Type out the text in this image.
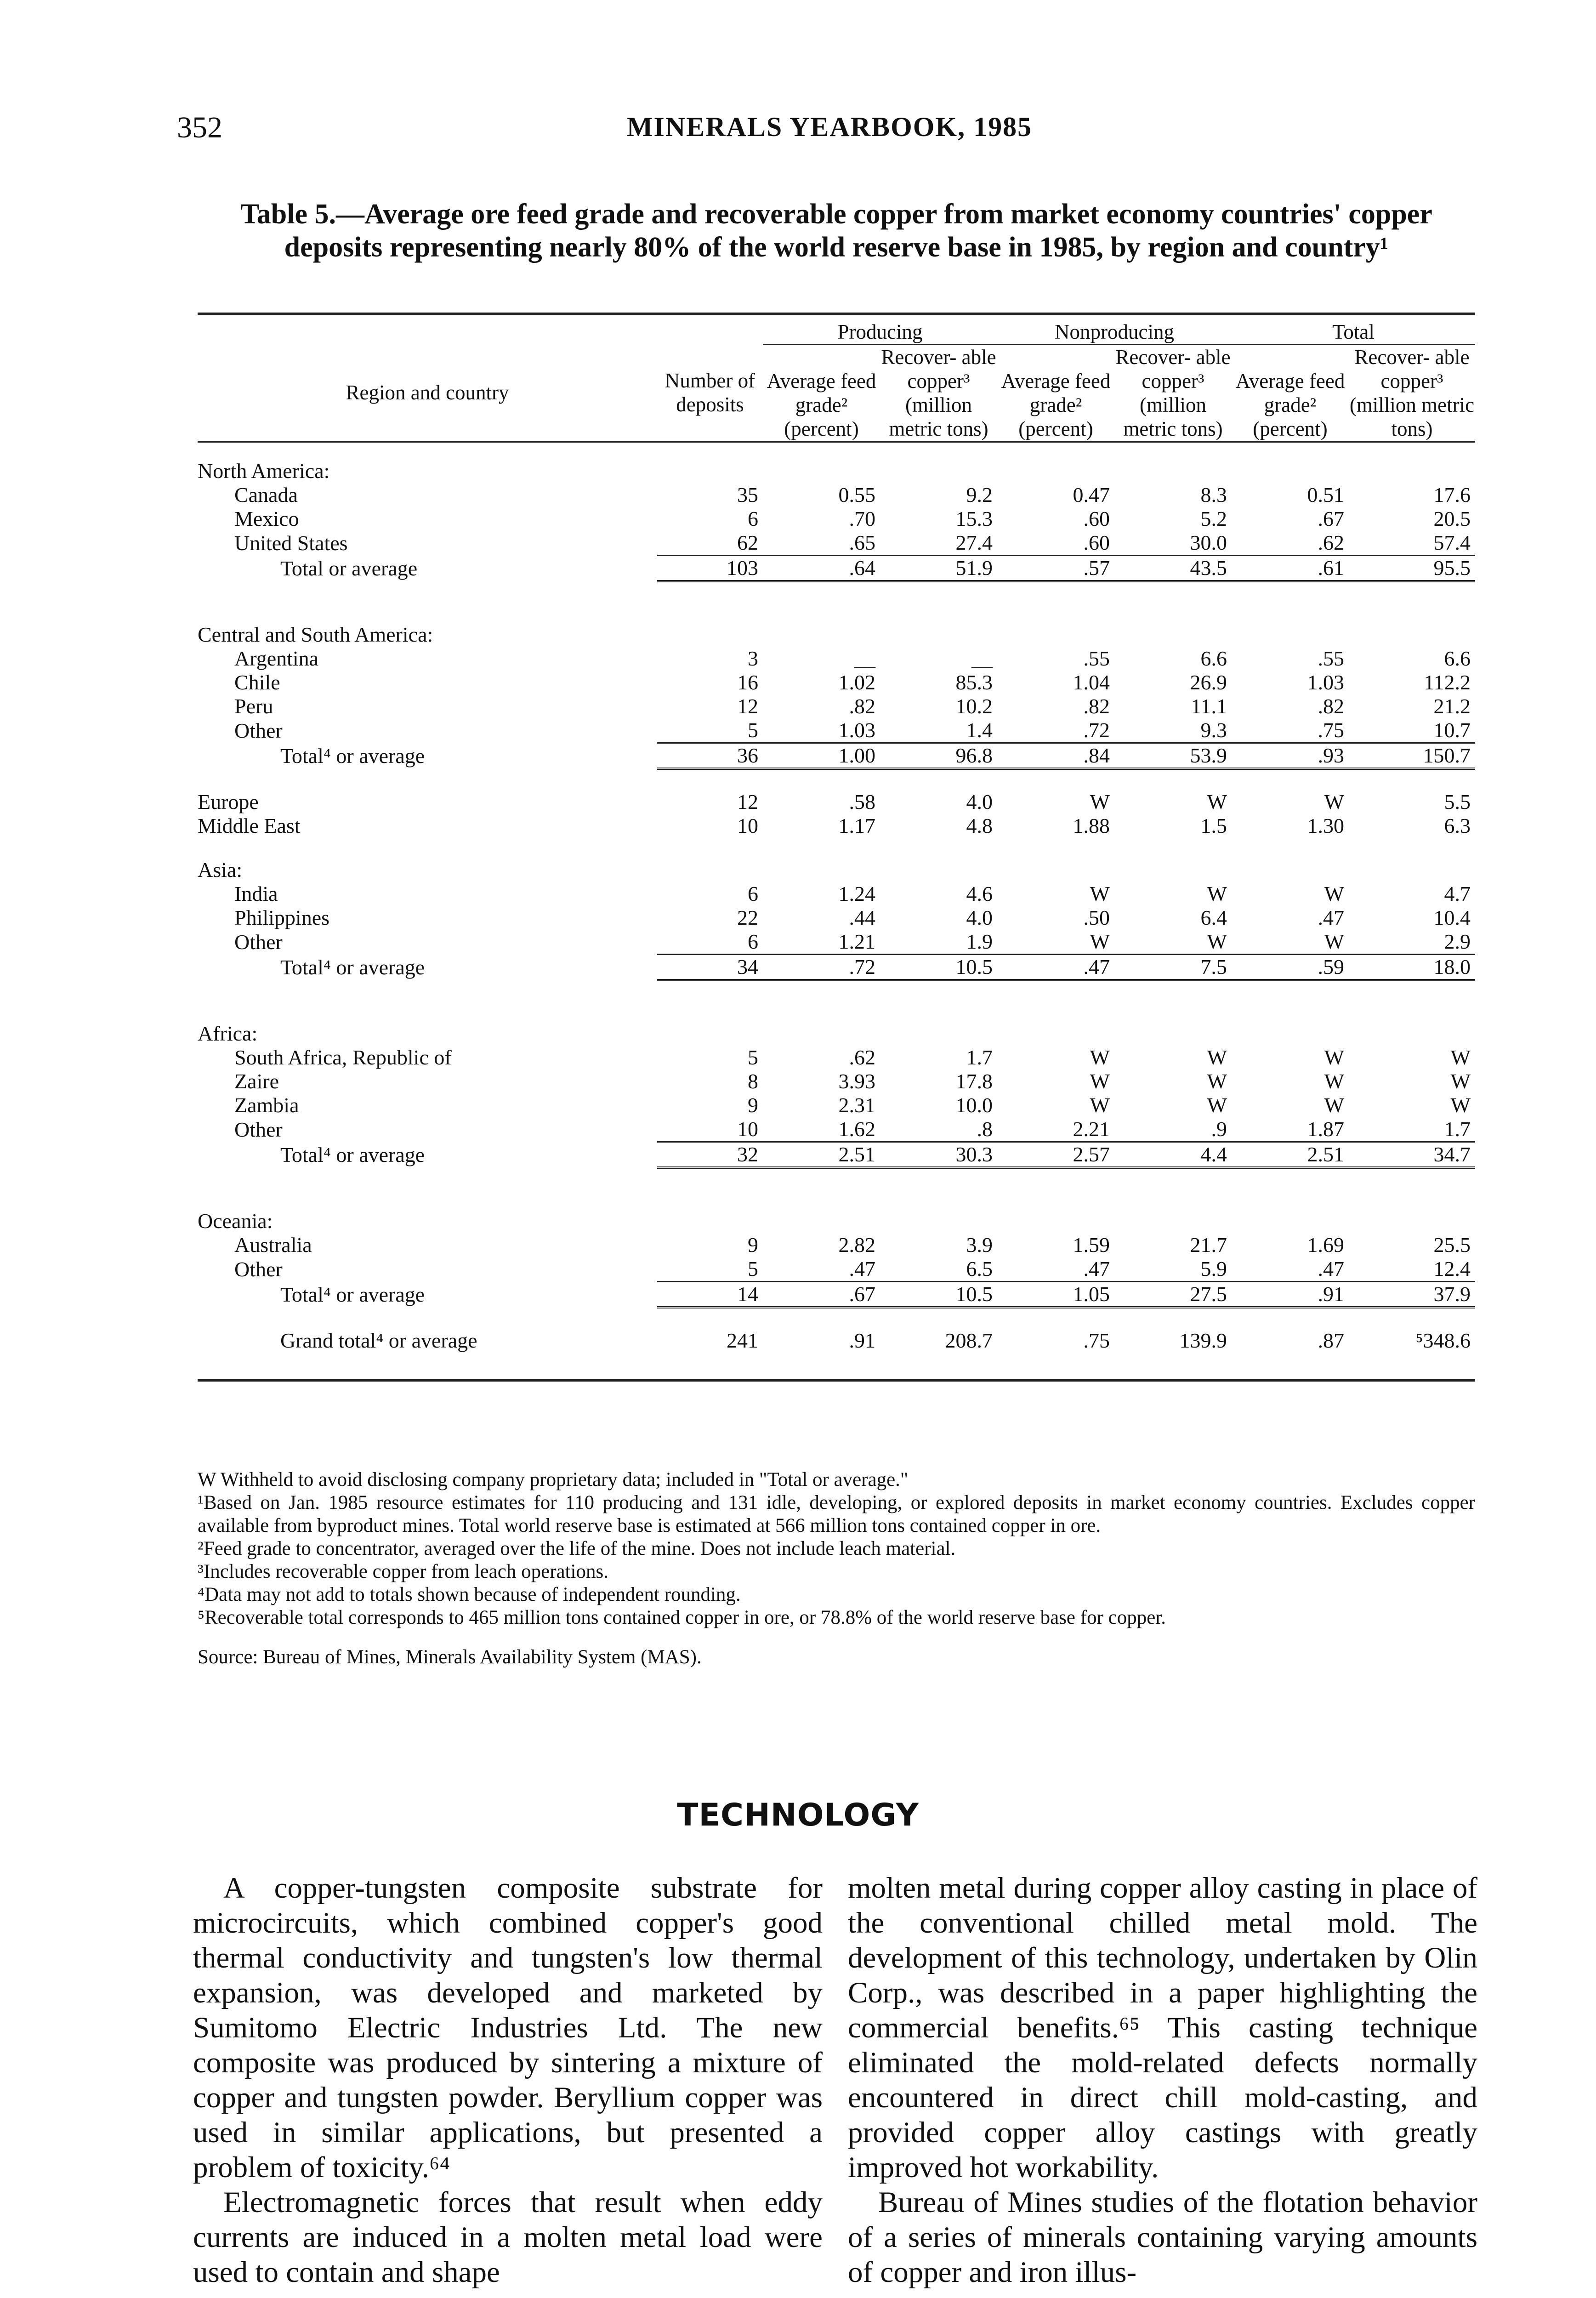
352	MINERALS YEARBOOK, 1985
Table 5.—Average ore feed grade and recoverable copper from market economy countries' copper deposits representing nearly 80% of the world reserve base in 1985, by region and country¹

		Producing		Nonproducing		Total	
Region and country	Number of deposits	Average feed grade² (percent)	Recover- able copper³ (million metric tons)	Average feed grade² (percent)	Recover- able copper³ (million metric tons)	Average feed grade² (percent)	Recover- able copper³ (million metric tons)

North America:							
Canada	35	0.55	9.2	0.47	8.3	0.51	17.6
Mexico	6	.70	15.3	.60	5.2	.67	20.5
United States	62	.65	27.4	.60	30.0	.62	57.4
Total or average	103	.64	51.9	.57	43.5	.61	95.5

Central and South America:							
Argentina	3	__	__	.55	6.6	.55	6.6
Chile	16	1.02	85.3	1.04	26.9	1.03	112.2
Peru	12	.82	10.2	.82	11.1	.82	21.2
Other	5	1.03	1.4	.72	9.3	.75	10.7
Total⁴ or average	36	1.00	96.8	.84	53.9	.93	150.7

Europe	12	.58	4.0	W	W	W	5.5
Middle East	10	1.17	4.8	1.88	1.5	1.30	6.3

Asia:							
India	6	1.24	4.6	W	W	W	4.7
Philippines	22	.44	4.0	.50	6.4	.47	10.4
Other	6	1.21	1.9	W	W	W	2.9
Total⁴ or average	34	.72	10.5	.47	7.5	.59	18.0

Africa:							
South Africa, Republic of	5	.62	1.7	W	W	W	W
Zaire	8	3.93	17.8	W	W	W	W
Zambia	9	2.31	10.0	W	W	W	W
Other	10	1.62	.8	2.21	.9	1.87	1.7
Total⁴ or average	32	2.51	30.3	2.57	4.4	2.51	34.7

Oceania:							
Australia	9	2.82	3.9	1.59	21.7	1.69	25.5
Other	5	.47	6.5	.47	5.9	.47	12.4
Total⁴ or average	14	.67	10.5	1.05	27.5	.91	37.9

Grand total⁴ or average	241	.91	208.7	.75	139.9	.87	⁵348.6

W Withheld to avoid disclosing company proprietary data; included in "Total or average."

¹Based on Jan. 1985 resource estimates for 110 producing and 131 idle, developing, or explored deposits in market economy countries. Excludes copper available from byproduct mines. Total world reserve base is estimated at 566 million tons contained copper in ore.

²Feed grade to concentrator, averaged over the life of the mine. Does not include leach material.

³Includes recoverable copper from leach operations.

⁴Data may not add to totals shown because of independent rounding.

⁵Recoverable total corresponds to 465 million tons contained copper in ore, or 78.8% of the world reserve base for copper.

Source: Bureau of Mines, Minerals Availability System (MAS).

TECHNOLOGY

A copper-tungsten composite substrate for microcircuits, which combined copper's good thermal conductivity and tungsten's low thermal expansion, was developed and marketed by Sumitomo Electric Industries Ltd. The new composite was produced by sintering a mixture of copper and tungsten powder. Beryllium copper was used in similar applications, but presented a problem of toxicity.⁶⁴

Electromagnetic forces that result when eddy currents are induced in a molten metal load were used to contain and shape

molten metal during copper alloy casting in place of the conventional chilled metal mold. The development of this technology, undertaken by Olin Corp., was described in a paper highlighting the commercial benefits.⁶⁵ This casting technique eliminated the mold-related defects normally encountered in direct chill mold-casting, and provided copper alloy castings with greatly improved hot workability.

Bureau of Mines studies of the flotation behavior of a series of minerals containing varying amounts of copper and iron illus-
